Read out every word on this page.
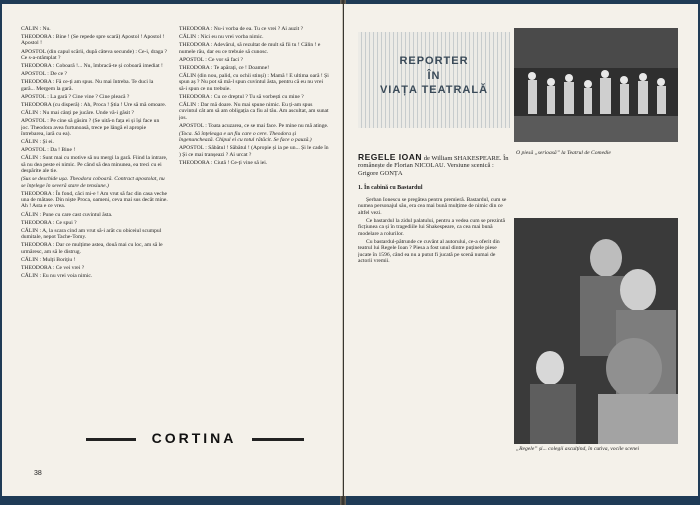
CĂLIN : Nu.

THEODORA : Bine ! (Se repede spre scară) Apostol ! Apostol ! Apostol !

APOSTOL (din capul scării, după câteva secunde) : Ce-i, draga ? Ce s-a-ntâmplat ?

THEODORA : Coboară !... Nu, îmbracă-te și coboară imediat !

APOSTOL : De ce ?

THEODORA : Fă ce-ți am spus. Nu mai întreba. Te duci la gară... Mergem la gară.

APOSTOL : La gară ? Cine vine ? Cine pleacă ?

THEODORA (cu disperă) : Ah, Proca ! Știa ! Ure să mă omoare.

CĂLIN : Nu mai cânți pe jucăre. Unde vă-i găsit ?

APOSTOL : Pe cine să găsim ? (Se uită-n fața ei și își face un joc. Theodora avea furtunoasă, trece pe lângă el apropie întrebarea, iară cu ea).

CĂLIN : Și ei.

APOSTOL : Da ! Bine !

CĂLIN : Sunt mai cu motive să nu mergi la gară. Fiind la intrare, să nu dea peste ei nimic. Pe când să dea minunea, ea treci cu ei despărite ale tie.

(Sus se deschide ușa. Theodora coboară. Contract apostolat, nu se înțelege în severă stare de tensiune.)

THEODORA : În fond, căci mi-e ! Am vrut să fac din casa veche una de mătase. Din niște Proca, oameni, ceva mai sus decât mine. Ah ! Asta e ce vrea.

CĂLIN : Pune cu care cast cuvintul ăsta.

THEODORA : Ce spui ?

CĂLIN : A, la scara cind am vrut să-i arăt cu obiceiul scumpul dumitale, nepot Tache-Tomy.

THEODORA : Dar ce mulțime astea, două mai cu loc, am să le urmăresc, am să le distrug.

CĂLIN : Mulți Borițiu !

THEODORA : Ce vei vrei ?

CĂLIN : Eu nu vrei voia nimic.

THEODORA : Nu-i vorba de ea. Tu ce vrei ? Ai auzit ?

CĂLIN : Nici eu nu vrei vorba nimic.

THEODORA : Adevărul, să rezultat de mult să fii tu ! Călin ! e numele rău, dar eu ce trebuie să cunosc.

APOSTOL : Ce vor să faci ?

THEODORA : Te apărați, ce ! Doamne!

CĂLIN (din nou, palid, cu ochii stinși) : Mamă ! E ultima oară ! Și spun aș ? Nu pot să mă-l spun cuvintul ăsta, pentru că eu nu vrei să-i spun ce nu trebuie.

THEODORA : Cu ce dreptul ? Tu să vorbești cu mine ?

CĂLIN : Dar mă doare. Nu mai spune nimic. Eu ți-am spus cuvintul cât am să am obligația ca fiu al tău. Am ascultat, am sunat jos.

APOSTOL : Toata acuzarea, ce se mai face. Pe mine nu mă atinge.

(Toca. Să înțeleaga e un fiu care o cere. Theodora și îngenunchează. Chipul ei cu totul rătăcit. Se face o pauză.)

APOSTOL : Săbătul ! Săbătul ! (Apropie și ia pe un... Și le cade în ) Și ce mai tranșeazi ? Ai urcat ?

THEODORA : Ciută ! Ce-ți vine să iei.

CORTINA
38
REPORTER
ÎN
VIAȚA TEATRALĂ
O piesă „serioasă” la Teatrul de Comedie
REGELE IOAN de William SHAKESPEARE. În românește de Florian NICOLAU. Versiune scenică : Grigore GONȚA
1. În cabină cu Bastardul

Șerban Ionescu se pregătea pentru premieră. Bastardul, cum se numea personajul său, era cea mai bună mulțime de nimic din ce altfel vezi.

Ce bastardul la zidul palatului, pentru a vedea cum se prezintă ficțiunea ca și în tragediile lui Shakespeare, ca cea mai bună modelare a rolurilor.

Cu bastardul-pătrunde ce cuvânt al autorului, ce-a oferit din teatrul lui Regele Ioan ? Piesa a fost unul dintre puținele piese jucate în 1596, când ea nu a putut fi jucată pe scenă numai de actorii vremii.

„Regele” și... colegii asculțind, în cutiva, vocile scenei
